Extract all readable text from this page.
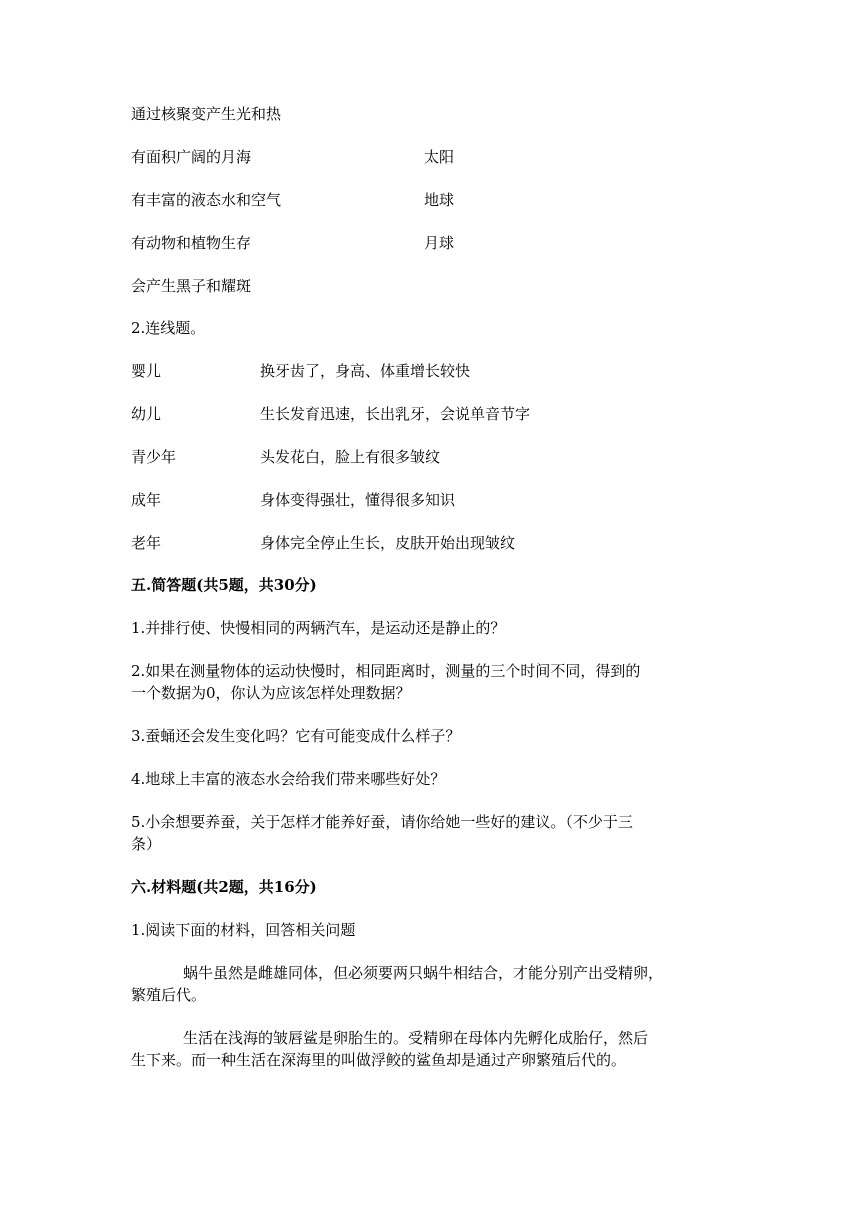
通过核聚变产生光和热
有面积广阔的月海	太阳
有丰富的液态水和空气	地球
有动物和植物生存	月球
会产生黑子和耀斑
2.连线题。
婴儿	换牙齿了，身高、体重增长较快
幼儿	生长发育迅速，长出乳牙，会说单音节字
青少年	头发花白，脸上有很多皱纹
成年	身体变得强壮，懂得很多知识
老年	身体完全停止生长，皮肤开始出现皱纹
五.简答题(共5题，共30分)
1.并排行使、快慢相同的两辆汽车，是运动还是静止的？
2.如果在测量物体的运动快慢时，相同距离时，测量的三个时间不同，得到的
一个数据为0，你认为应该怎样处理数据？
3.蚕蛹还会发生变化吗？它有可能变成什么样子？
4.地球上丰富的液态水会给我们带来哪些好处？
5.小余想要养蚕，关于怎样才能养好蚕，请你给她一些好的建议。（不少于三
条）
六.材料题(共2题，共16分)
1.阅读下面的材料，回答相关问题
蜗牛虽然是雌雄同体，但必须要两只蜗牛相结合，才能分别产出受精卵，
繁殖后代。
生活在浅海的皱唇鲨是卵胎生的。受精卵在母体内先孵化成胎仔，然后
生下来。而一种生活在深海里的叫做浮鲛的鲨鱼却是通过产卵繁殖后代的。
